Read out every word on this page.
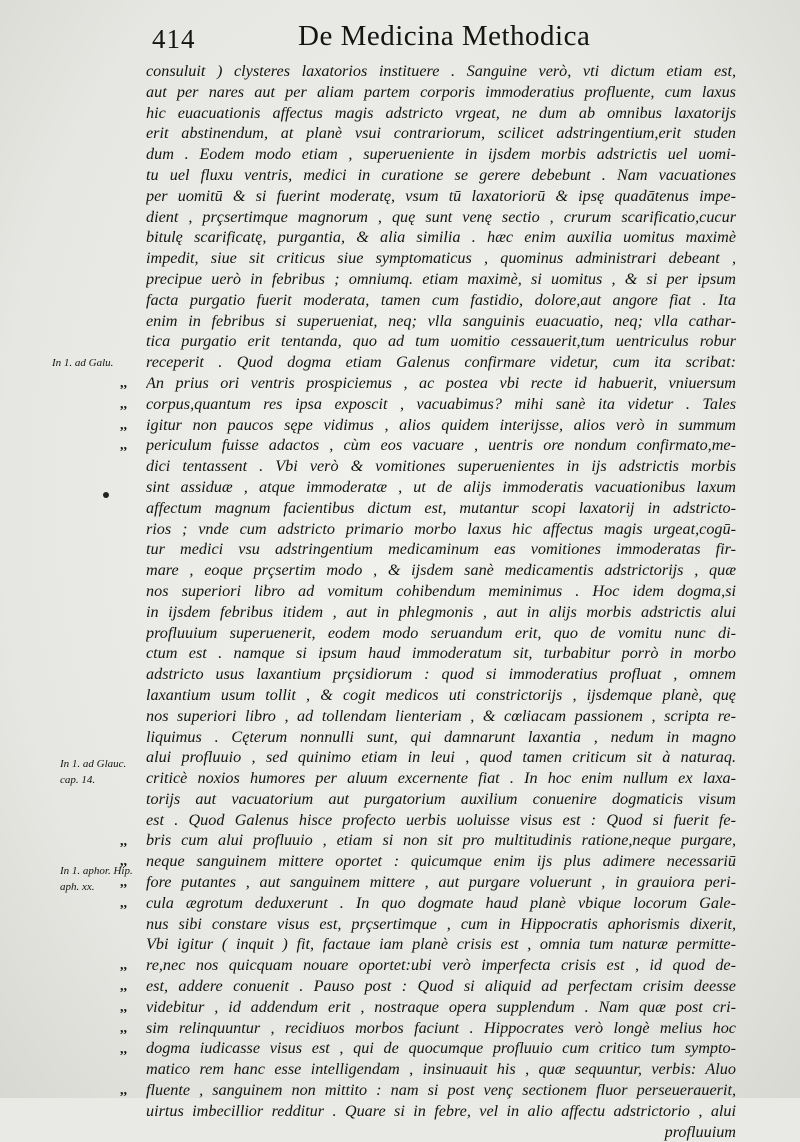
414	De Medicina Methodica
consuluit ) clysteres laxatorios instituere . Sanguine verò, vti dictum etiam est,
aut per nares aut per aliam partem corporis immoderatius profluente, cum laxus
hic euacuationis affectus magis adstricto vrgeat, ne dum ab omnibus laxatorijs
erit abstinendum, at planè vsui contrariorum, scilicet adstringentium,erit studen
dum . Eodem modo etiam , superueniente in ijsdem morbis adstrictis uel uomi-
tu uel fluxu ventris, medici in curatione se gerere debebunt . Nam vacuationes
per uomitū & si fuerint moderatę, vsum tū laxatoriorū & ipsę quadātenus impe-
dient , prçsertimque magnorum , quę sunt venę sectio , crurum scarificatio,cucur
bitulę scarificatę, purgantia, & alia similia . hæc enim auxilia uomitus maximè
impedit, siue sit criticus siue symptomaticus , quominus administrari debeant ,
precipue uerò in febribus ; omniumq. etiam maximè, si uomitus , & si per ipsum
facta purgatio fuerit moderata, tamen cum fastidio, dolore,aut angore fiat . Ita
enim in febribus si superueniat, neq; vlla sanguinis euacuatio, neq; vlla cathar-
tica purgatio erit tentanda, quo ad tum uomitio cessauerit,tum uentriculus robur
receperit . Quod dogma etiam Galenus confirmare videtur, cum ita scribat:
An prius ori ventris prospiciemus , ac postea vbi recte id habuerit, vniuersum
corpus,quantum res ipsa exposcit , vacuabimus? mihi sanè ita videtur . Tales
igitur non paucos sępe vidimus , alios quidem interijsse, alios verò in summum
periculum fuisse adactos , cùm eos vacuare , uentris ore nondum confirmato,me-
dici tentassent . Vbi verò & vomitiones superuenientes in ijs adstrictis morbis
sint assiduæ , atque immoderatæ , ut de alijs immoderatis vacuationibus laxum
affectum magnum facientibus dictum est, mutantur scopi laxatorij in adstricto-
rios ; vnde cum adstricto primario morbo laxus hic affectus magis urgeat,cogū-
tur medici vsu adstringentium medicaminum eas vomitiones immoderatas fir-
mare , eoque prçsertim modo , & ijsdem sanè medicamentis adstrictorijs , quæ
nos superiori libro ad vomitum cohibendum meminimus . Hoc idem dogma,si
in ijsdem febribus itidem , aut in phlegmonis , aut in alijs morbis adstrictis alui
profluuium superuenerit, eodem modo seruandum erit, quo de vomitu nunc di-
ctum est . namque si ipsum haud immoderatum sit, turbabitur porrò in morbo
adstricto usus laxantium prçsidiorum : quod si immoderatius profluat , omnem
laxantium usum tollit , & cogit medicos uti constrictorijs , ijsdemque planè, quę
nos superiori libro , ad tollendam lienteriam , & cœliacam passionem , scripta re-
liquimus . Cęterum nonnulli sunt, qui damnarunt laxantia , nedum in magno
alui profluuio , sed quinimo etiam in leui , quod tamen criticum sit à naturaq.
criticè noxios humores per aluum excernente fiat . In hoc enim nullum ex laxa-
torijs aut vacuatorium aut purgatorium auxilium conuenire dogmaticis visum
est . Quod Galenus hisce profecto uerbis uoluisse visus est : Quod si fuerit fe-
bris cum alui profluuio , etiam si non sit pro multitudinis ratione,neque purgare,
neque sanguinem mittere oportet : quicumque enim ijs plus adimere necessariū
fore putantes , aut sanguinem mittere , aut purgare voluerunt , in grauiora peri-
cula ægrotum deduxerunt . In quo dogmate haud planè vbique locorum Gale-
nus sibi constare visus est, prçsertimque , cum in Hippocratis aphorismis dixerit,
Vbi igitur ( inquit ) fit, factaue iam planè crisis est , omnia tum naturæ permitte-
re,nec nos quicquam nouare oportet:ubi verò imperfecta crisis est , id quod de-
est, addere conuenit . Pauso post : Quod si aliquid ad perfectam crisim deesse
videbitur , id addendum erit , nostraque opera supplendum . Nam quæ post cri-
sim relinquuntur , recidiuos morbos faciunt . Hippocrates verò longè melius hoc
dogma iudicasse visus est , qui de quocumque profluuio cum critico tum sympto-
matico rem hanc esse intelligendam , insinuauit his , quæ sequuntur, verbis: Aluo
fluente , sanguinem non mittito : nam si post venç sectionem fluor perseuerauerit,
uirtus imbecillior redditur . Quare si in febre, vel in alio affectu adstrictorio , alui
profluuium
In 1. ad Galu.
In 1. ad Glauc.
cap. 14.
In 1. aphor. Hip.
aph. xx.
,,
,,
,,
,,
,,
,,
,,
,,
,,
,,
,,
,,
,,
,,
